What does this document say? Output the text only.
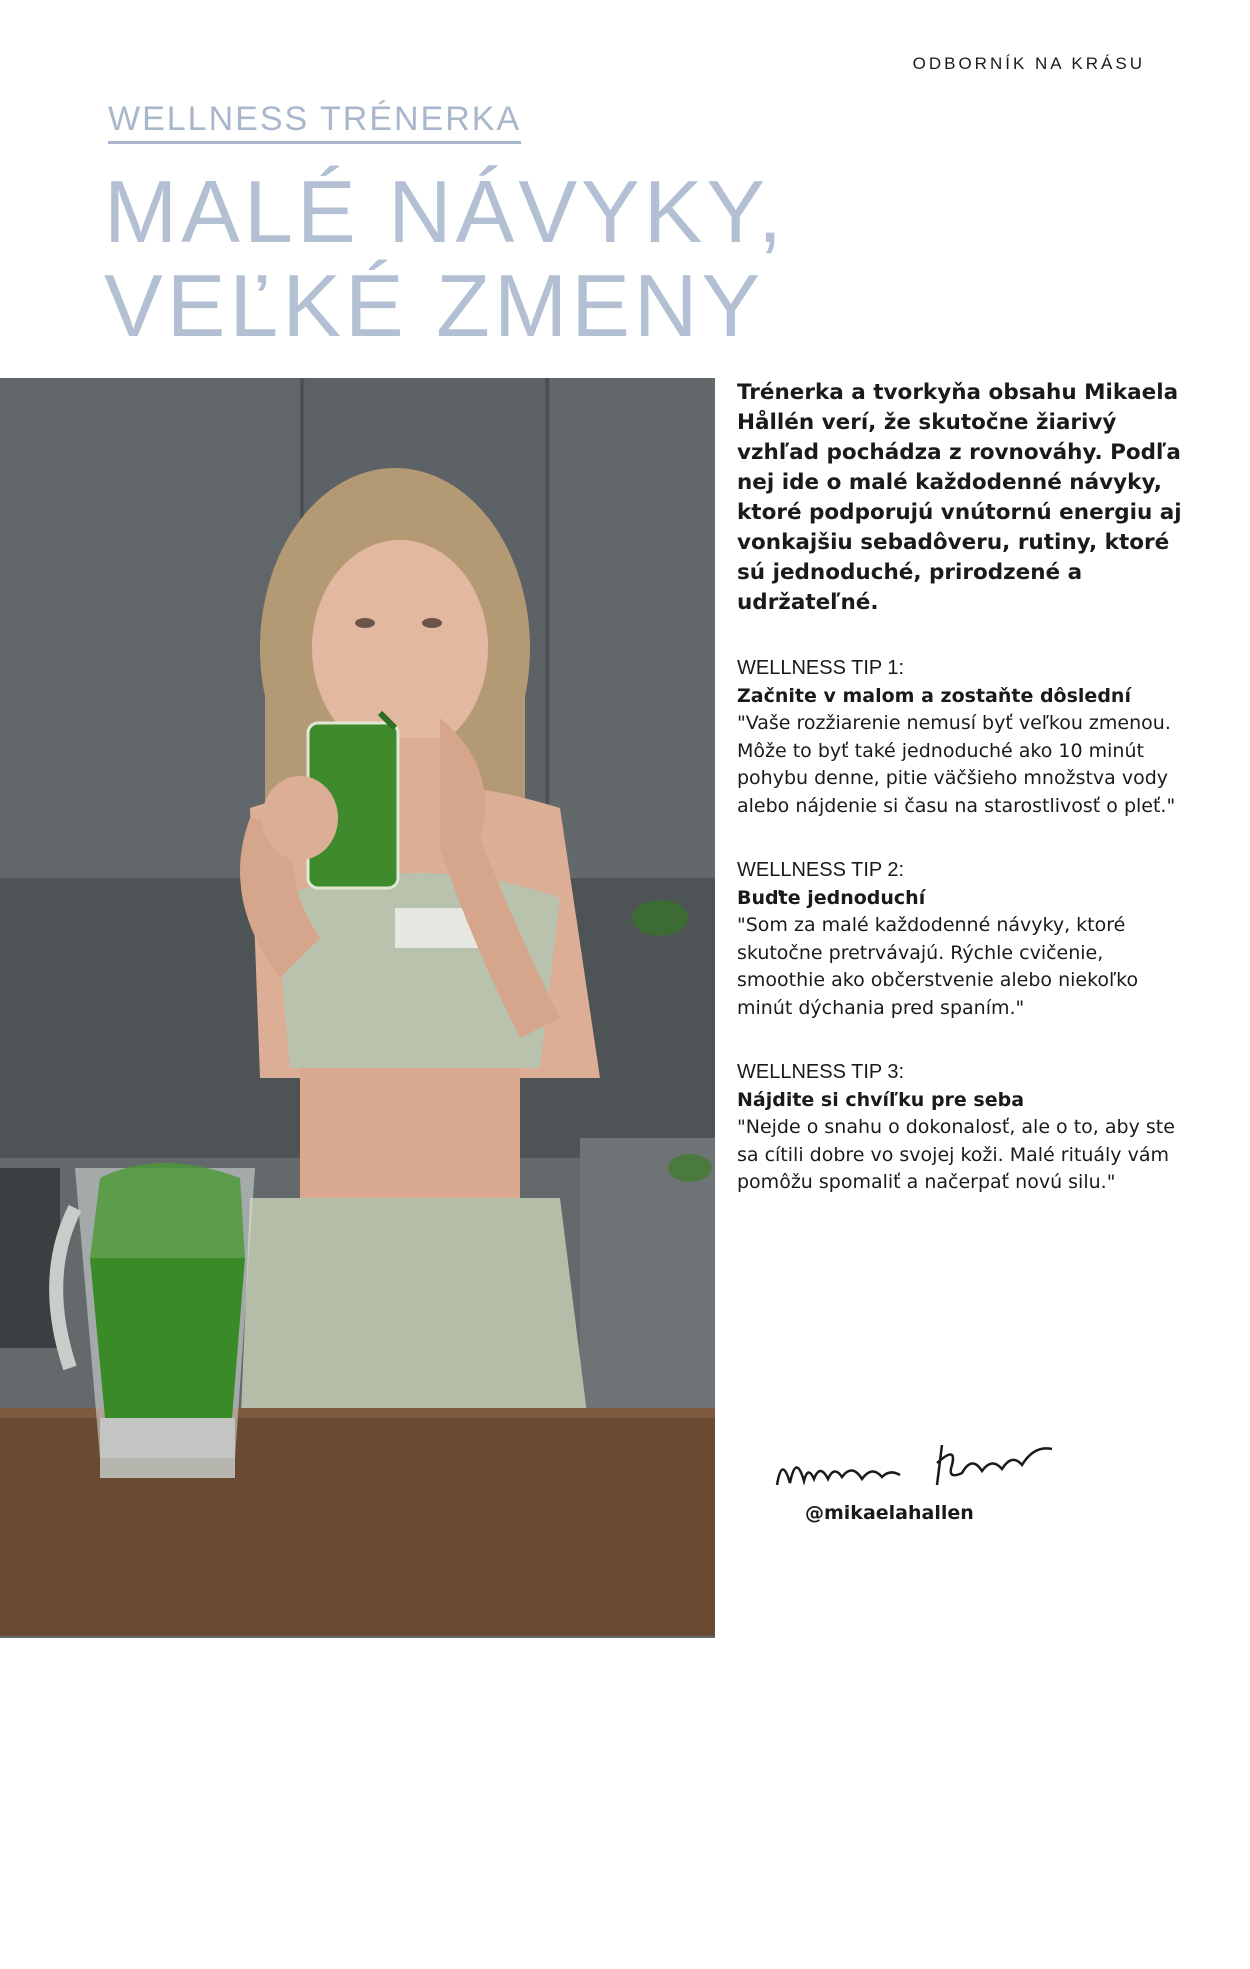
ODBORNÍK NA KRÁSU
WELLNESS TRÉNERKA
MALÉ NÁVYKY,
VEĽKÉ ZMENY
50

Trénerka a tvorkyňa obsahu Mikaela Hållén verí, že skutočne žiarivý vzhľad pochádza z rovnováhy. Podľa nej ide o malé každodenné návyky, ktoré podporujú vnútornú energiu aj vonkajšiu sebadôveru, rutiny, ktoré sú jednoduché, prirodzené a udržateľné.

WELLNESS TIP 1:
Začnite v malom a zostaňte dôslední

"Vaše rozžiarenie nemusí byť veľkou zmenou. Môže to byť také jednoduché ako 10 minút pohybu denne, pitie väčšieho množstva vody alebo nájdenie si času na starostlivosť o pleť."

WELLNESS TIP 2:
Buďte jednoduchí

"Som za malé každodenné návyky, ktoré skutočne pretrvávajú. Rýchle cvičenie, smoothie ako občerstvenie alebo niekoľko minút dýchania pred spaním."

WELLNESS TIP 3:
Nájdite si chvíľku pre seba

"Nejde o snahu o dokonalosť, ale o to, aby ste sa cítili dobre vo svojej koži. Malé rituály vám pomôžu spomaliť a načerpať novú silu."

@mikaelahallen
